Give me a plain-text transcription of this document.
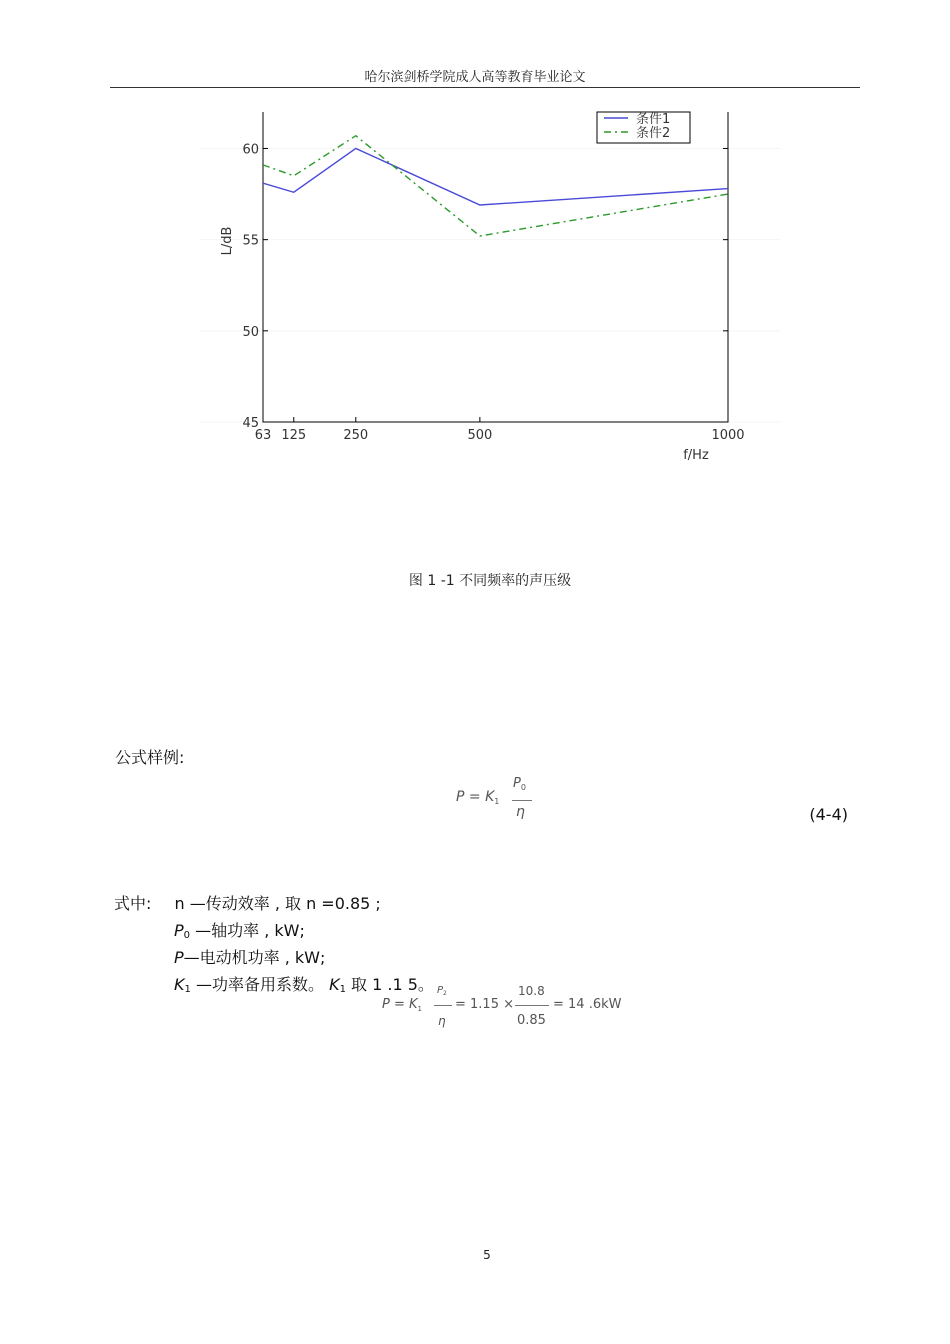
哈尔滨剑桥学院成人高等教育毕业论文
45
50
55
60
63 125	250	500	1000
f/Hz
L/dB
条件1
条件2
图 1 -1 不同频率的声压级
公式样例:
$P = K_1$
$P_0$
η	(4-4)
式中: n —传动效率 , 取 n =0.85 ;
$P_0$ —轴功率 , kW;
P—电动机功率 , kW;
$K_1$ —功率备用系数。 $K_1$ 取 1 .1 5。
$P = K_1$
$P_2$
η
= 1.15 ×
10.8
0.85
= 14 .6kW
5
